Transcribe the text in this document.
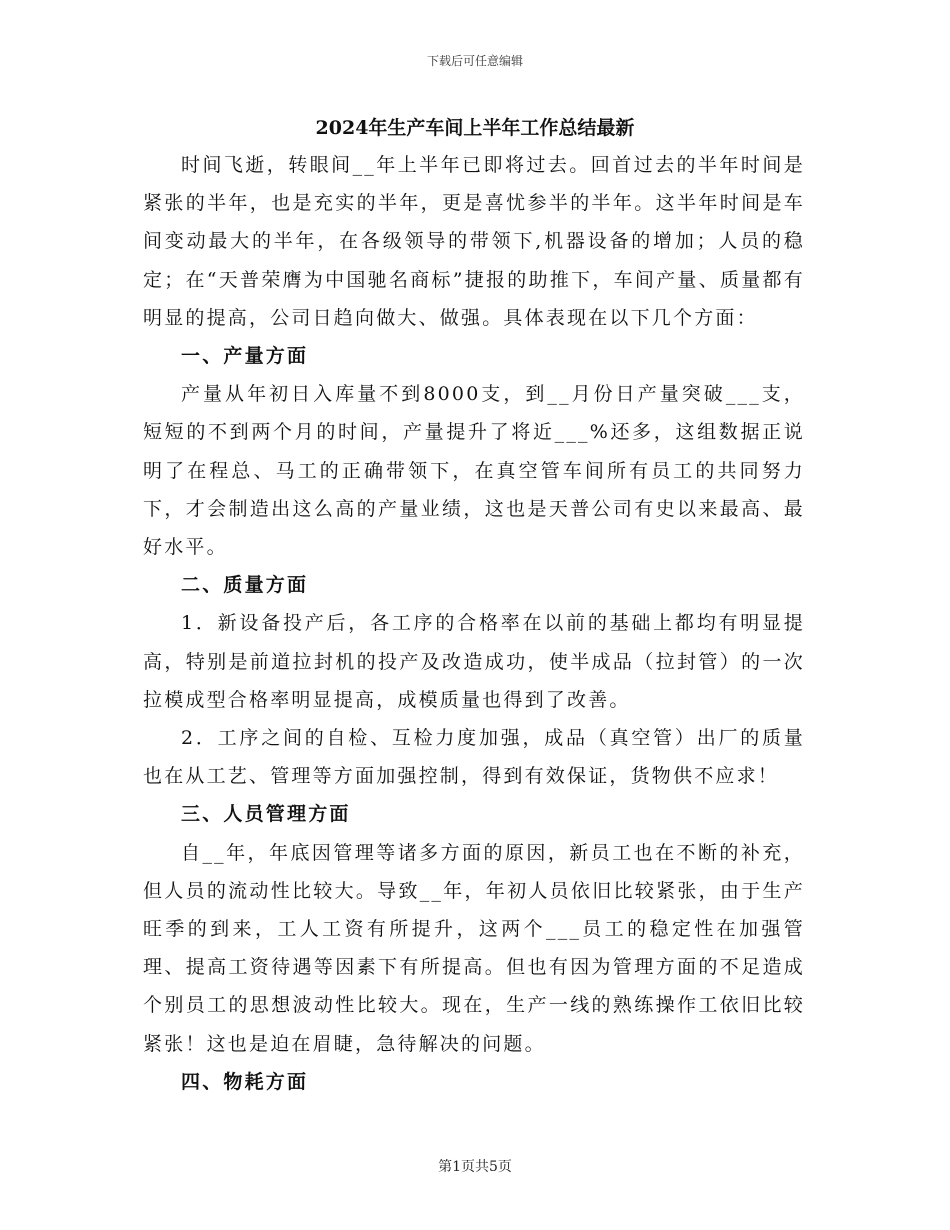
下载后可任意编辑
2024年生产车间上半年工作总结最新

时间飞逝，转眼间__年上半年已即将过去。回首过去的半年时间是紧张的半年，也是充实的半年，更是喜忧参半的半年。这半年时间是车间变动最大的半年，在各级领导的带领下,机器设备的增加；人员的稳定；在“天普荣膺为中国驰名商标”捷报的助推下，车间产量、质量都有明显的提高，公司日趋向做大、做强。具体表现在以下几个方面：

一、产量方面

产量从年初日入库量不到8000支，到__月份日产量突破___支，短短的不到两个月的时间，产量提升了将近___%还多，这组数据正说明了在程总、马工的正确带领下，在真空管车间所有员工的共同努力下，才会制造出这么高的产量业绩，这也是天普公司有史以来最高、最好水平。

二、质量方面

1．新设备投产后，各工序的合格率在以前的基础上都均有明显提高，特别是前道拉封机的投产及改造成功，使半成品（拉封管）的一次拉模成型合格率明显提高，成模质量也得到了改善。

2．工序之间的自检、互检力度加强，成品（真空管）出厂的质量也在从工艺、管理等方面加强控制，得到有效保证，货物供不应求！

三、人员管理方面

自__年，年底因管理等诸多方面的原因，新员工也在不断的补充，但人员的流动性比较大。导致__年，年初人员依旧比较紧张，由于生产旺季的到来，工人工资有所提升，这两个___员工的稳定性在加强管理、提高工资待遇等因素下有所提高。但也有因为管理方面的不足造成个别员工的思想波动性比较大。现在，生产一线的熟练操作工依旧比较紧张！这也是迫在眉睫，急待解决的问题。

四、物耗方面

第1页共5页
